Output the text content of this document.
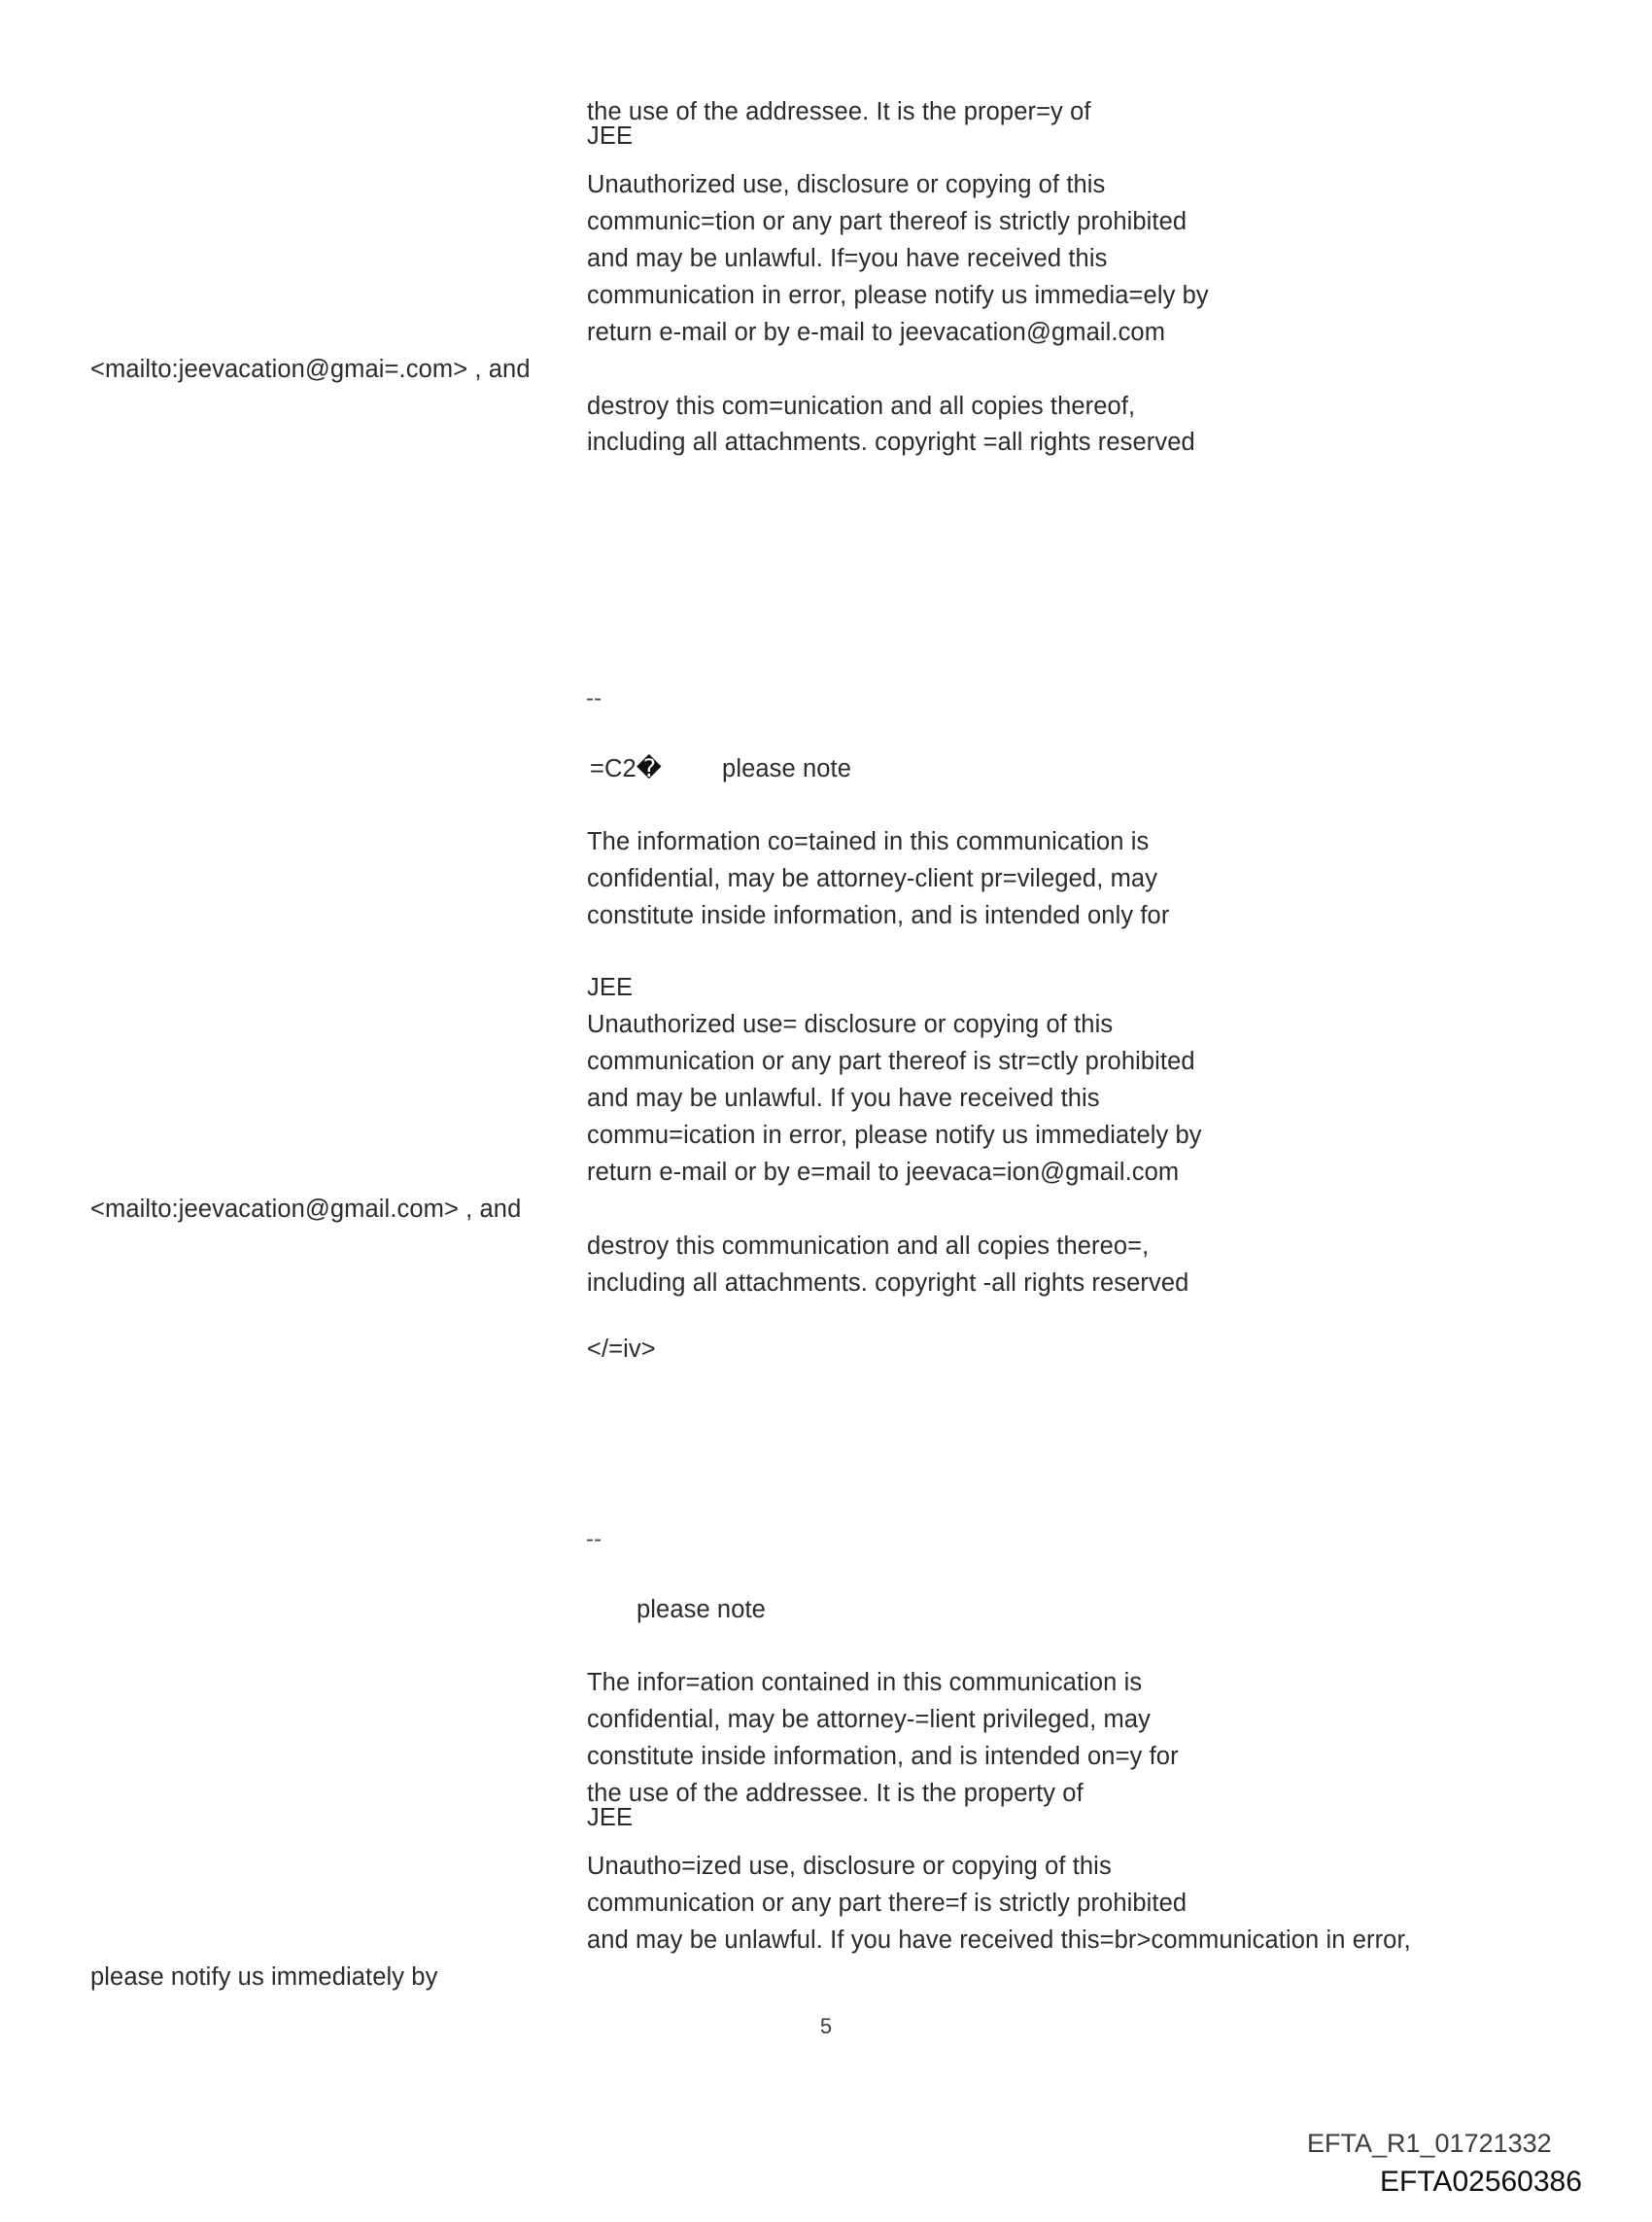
the use of the addressee. It is the proper=y of
JEE
Unauthorized use, disclosure or copying of this
communic=tion or any part thereof is strictly prohibited
and may be unlawful. If=you have received this
communication in error, please notify us immedia=ely by
return e-mail or by e-mail to jeevacation@gmail.com
<mailto:jeevacation@gmai=.com> , and
destroy this com=unication and all copies thereof,
including all attachments. copyright =all rights reserved
--
=C2� please note
The information co=tained in this communication is
confidential, may be attorney-client pr=vileged, may
constitute inside information, and is intended only for
JEE
Unauthorized use= disclosure or copying of this
communication or any part thereof is str=ctly prohibited
and may be unlawful. If you have received this
commu=ication in error, please notify us immediately by
return e-mail or by e=mail to jeevaca=ion@gmail.com
<mailto:jeevacation@gmail.com> , and
destroy this communication and all copies thereo=,
including all attachments. copyright -all rights reserved
</=iv>
--
please note
The infor=ation contained in this communication is
confidential, may be attorney-=lient privileged, may
constitute inside information, and is intended on=y for
the use of the addressee. It is the property of
JEE
Unautho=ized use, disclosure or copying of this
communication or any part there=f is strictly prohibited
and may be unlawful. If you have received this=br>communication in error,
please notify us immediately by
5
EFTA_R1_01721332
EFTA02560386
